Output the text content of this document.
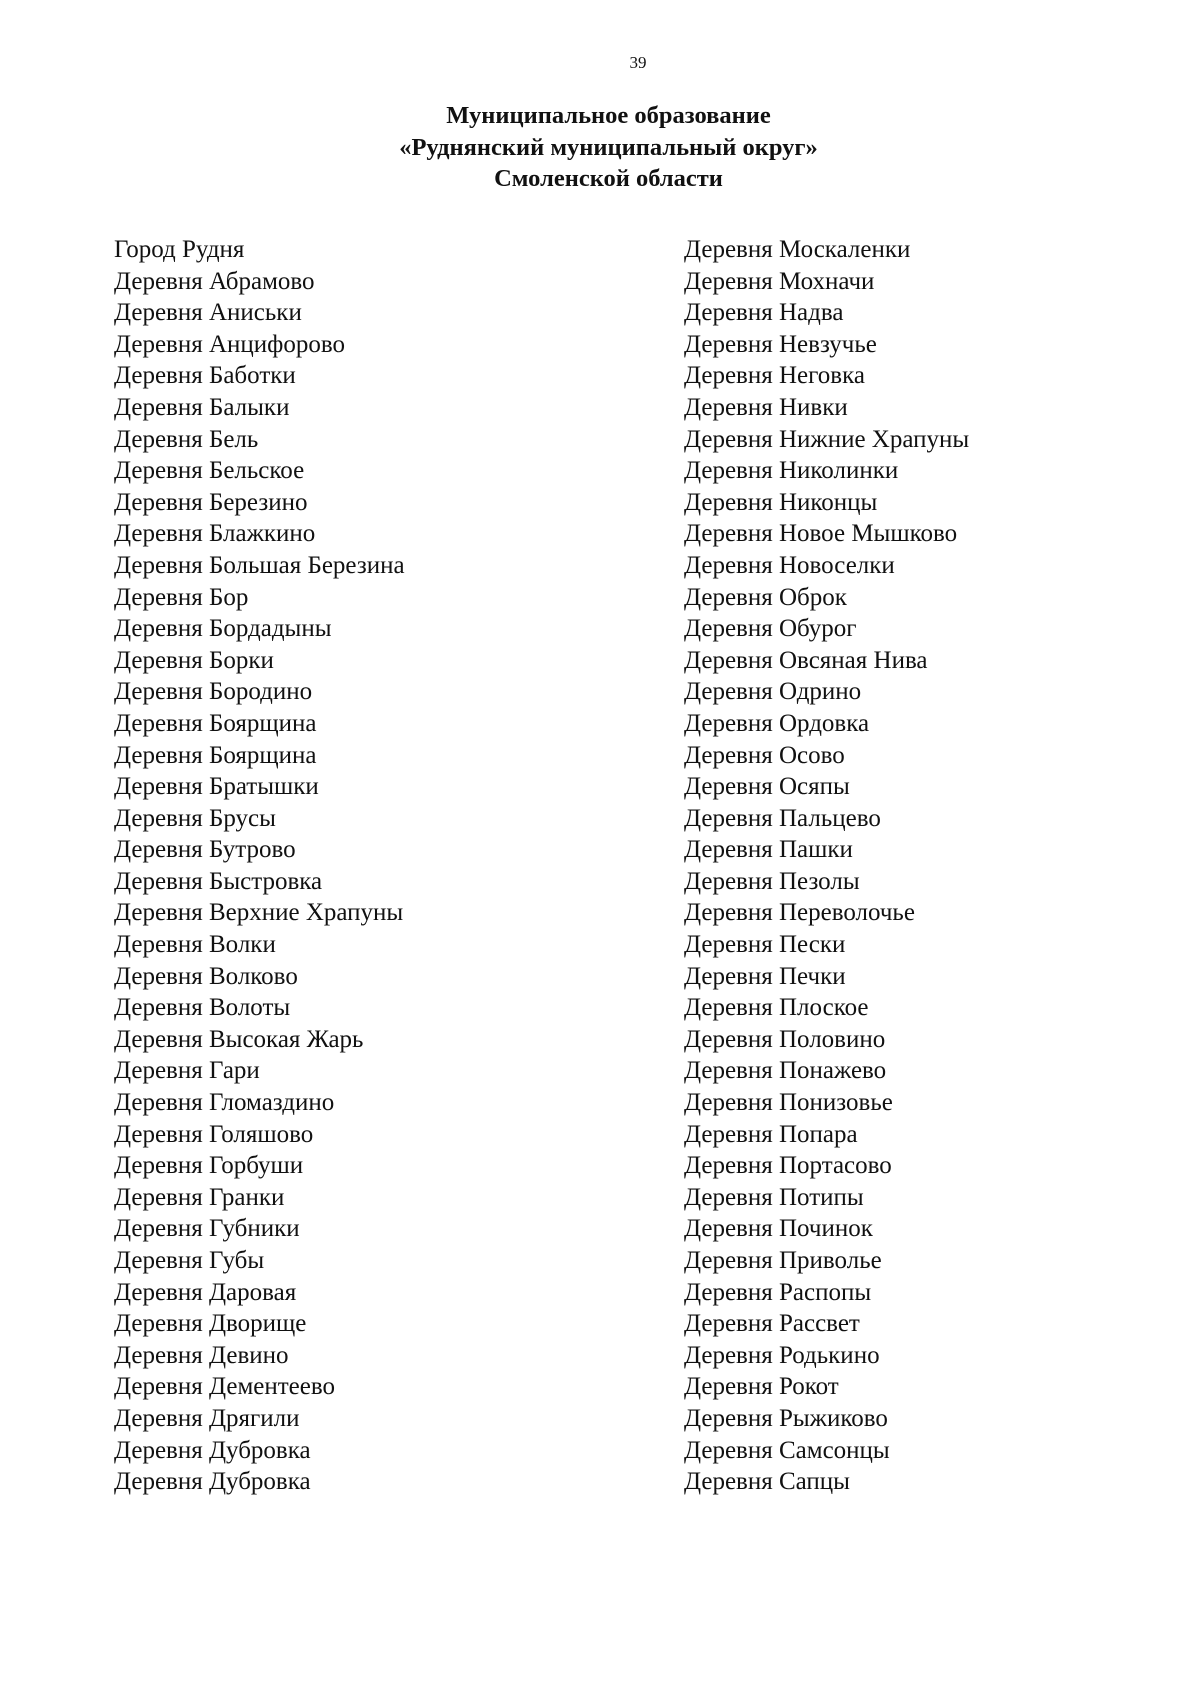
39
Муниципальное образование
«Руднянский муниципальный округ»
Смоленской области
Город Рудня
Деревня Абрамово
Деревня Аниськи
Деревня Анцифорово
Деревня Баботки
Деревня Балыки
Деревня Бель
Деревня Бельское
Деревня Березино
Деревня Блажкино
Деревня Большая Березина
Деревня Бор
Деревня Бордадыны
Деревня Борки
Деревня Бородино
Деревня Боярщина
Деревня Боярщина
Деревня Братышки
Деревня Брусы
Деревня Бутрово
Деревня Быстровка
Деревня Верхние Храпуны
Деревня Волки
Деревня Волково
Деревня Волоты
Деревня Высокая Жарь
Деревня Гари
Деревня Гломаздино
Деревня Голяшово
Деревня Горбуши
Деревня Гранки
Деревня Губники
Деревня Губы
Деревня Даровая
Деревня Дворище
Деревня Девино
Деревня Дементеево
Деревня Дрягили
Деревня Дубровка
Деревня Дубровка
Деревня Москаленки
Деревня Мохначи
Деревня Надва
Деревня Невзучье
Деревня Неговка
Деревня Нивки
Деревня Нижние Храпуны
Деревня Николинки
Деревня Никонцы
Деревня Новое Мышково
Деревня Новоселки
Деревня Оброк
Деревня Обурог
Деревня Овсяная Нива
Деревня Одрино
Деревня Ордовка
Деревня Осово
Деревня Осяпы
Деревня Пальцево
Деревня Пашки
Деревня Пезолы
Деревня Переволочье
Деревня Пески
Деревня Печки
Деревня Плоское
Деревня Половино
Деревня Понажево
Деревня Понизовье
Деревня Попара
Деревня Портасово
Деревня Потипы
Деревня Починок
Деревня Приволье
Деревня Распопы
Деревня Рассвет
Деревня Родькино
Деревня Рокот
Деревня Рыжиково
Деревня Самсонцы
Деревня Сапцы
